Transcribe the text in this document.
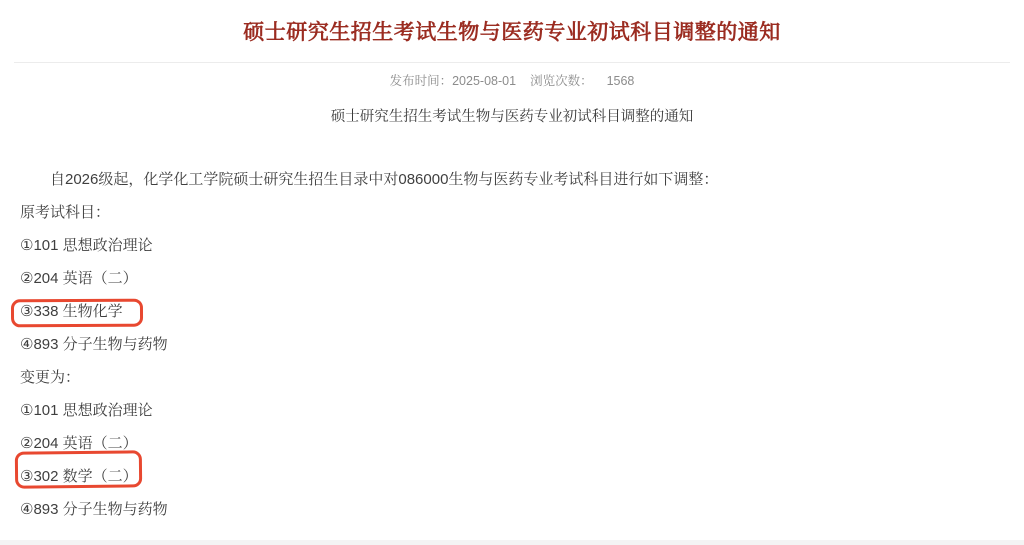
硕士研究生招生考试生物与医药专业初试科目调整的通知
发布时间：2025-08-01 浏览次数： 1568
硕士研究生招生考试生物与医药专业初试科目调整的通知

自2026级起，化学化工学院硕士研究生招生目录中对086000生物与医药专业考试科目进行如下调整：

原考试科目：

①101 思想政治理论

②204 英语（二）

③338 生物化学

④893 分子生物与药物

变更为：

①101 思想政治理论

②204 英语（二）

③302 数学（二）

④893 分子生物与药物
